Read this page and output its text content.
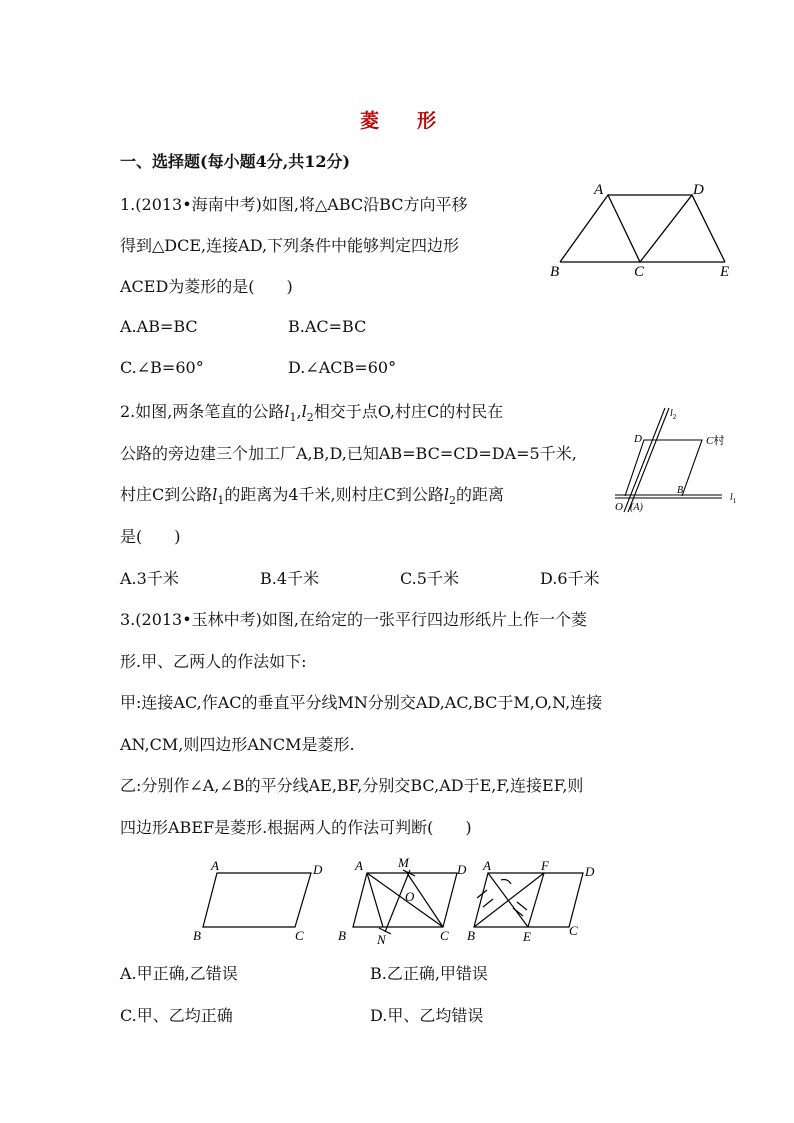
菱 形
一、选择题(每小题4分,共12分)
1.(2013•海南中考)如图,将△ABC沿BC方向平移
得到△DCE,连接AD,下列条件中能够判定四边形
ACED为菱形的是(　　)
A.AB=BC	B.AC=BC
C.∠B=60°	D.∠ACB=60°
A	D
B	C	E
2.如图,两条笔直的公路$l_1,l_2$相交于点O,村庄C的村民在
公路的旁边建三个加工厂A,B,D,已知AB=BC=CD=DA=5千米,
村庄C到公路$l_1$的距离为4千米,则村庄C到公路$l_2$的距离
是(　　)
A.3千米	B.4千米	C.5千米	D.6千米
$l_2$
D	C村
B
$l_1$
O (A)
3.(2013•玉林中考)如图,在给定的一张平行四边形纸片上作一个菱
形.甲、乙两人的作法如下:
甲:连接AC,作AC的垂直平分线MN分别交AD,AC,BC于M,O,N,连接
AN,CM,则四边形ANCM是菱形.
乙:分别作∠A,∠B的平分线AE,BF,分别交BC,AD于E,F,连接EF,则
四边形ABEF是菱形.根据两人的作法可判断(　　)
A	D
B	C
A	M	D
O
B N	C
A	F	D
B	E	C
A.甲正确,乙错误	B.乙正确,甲错误
C.甲、乙均正确	D.甲、乙均错误
